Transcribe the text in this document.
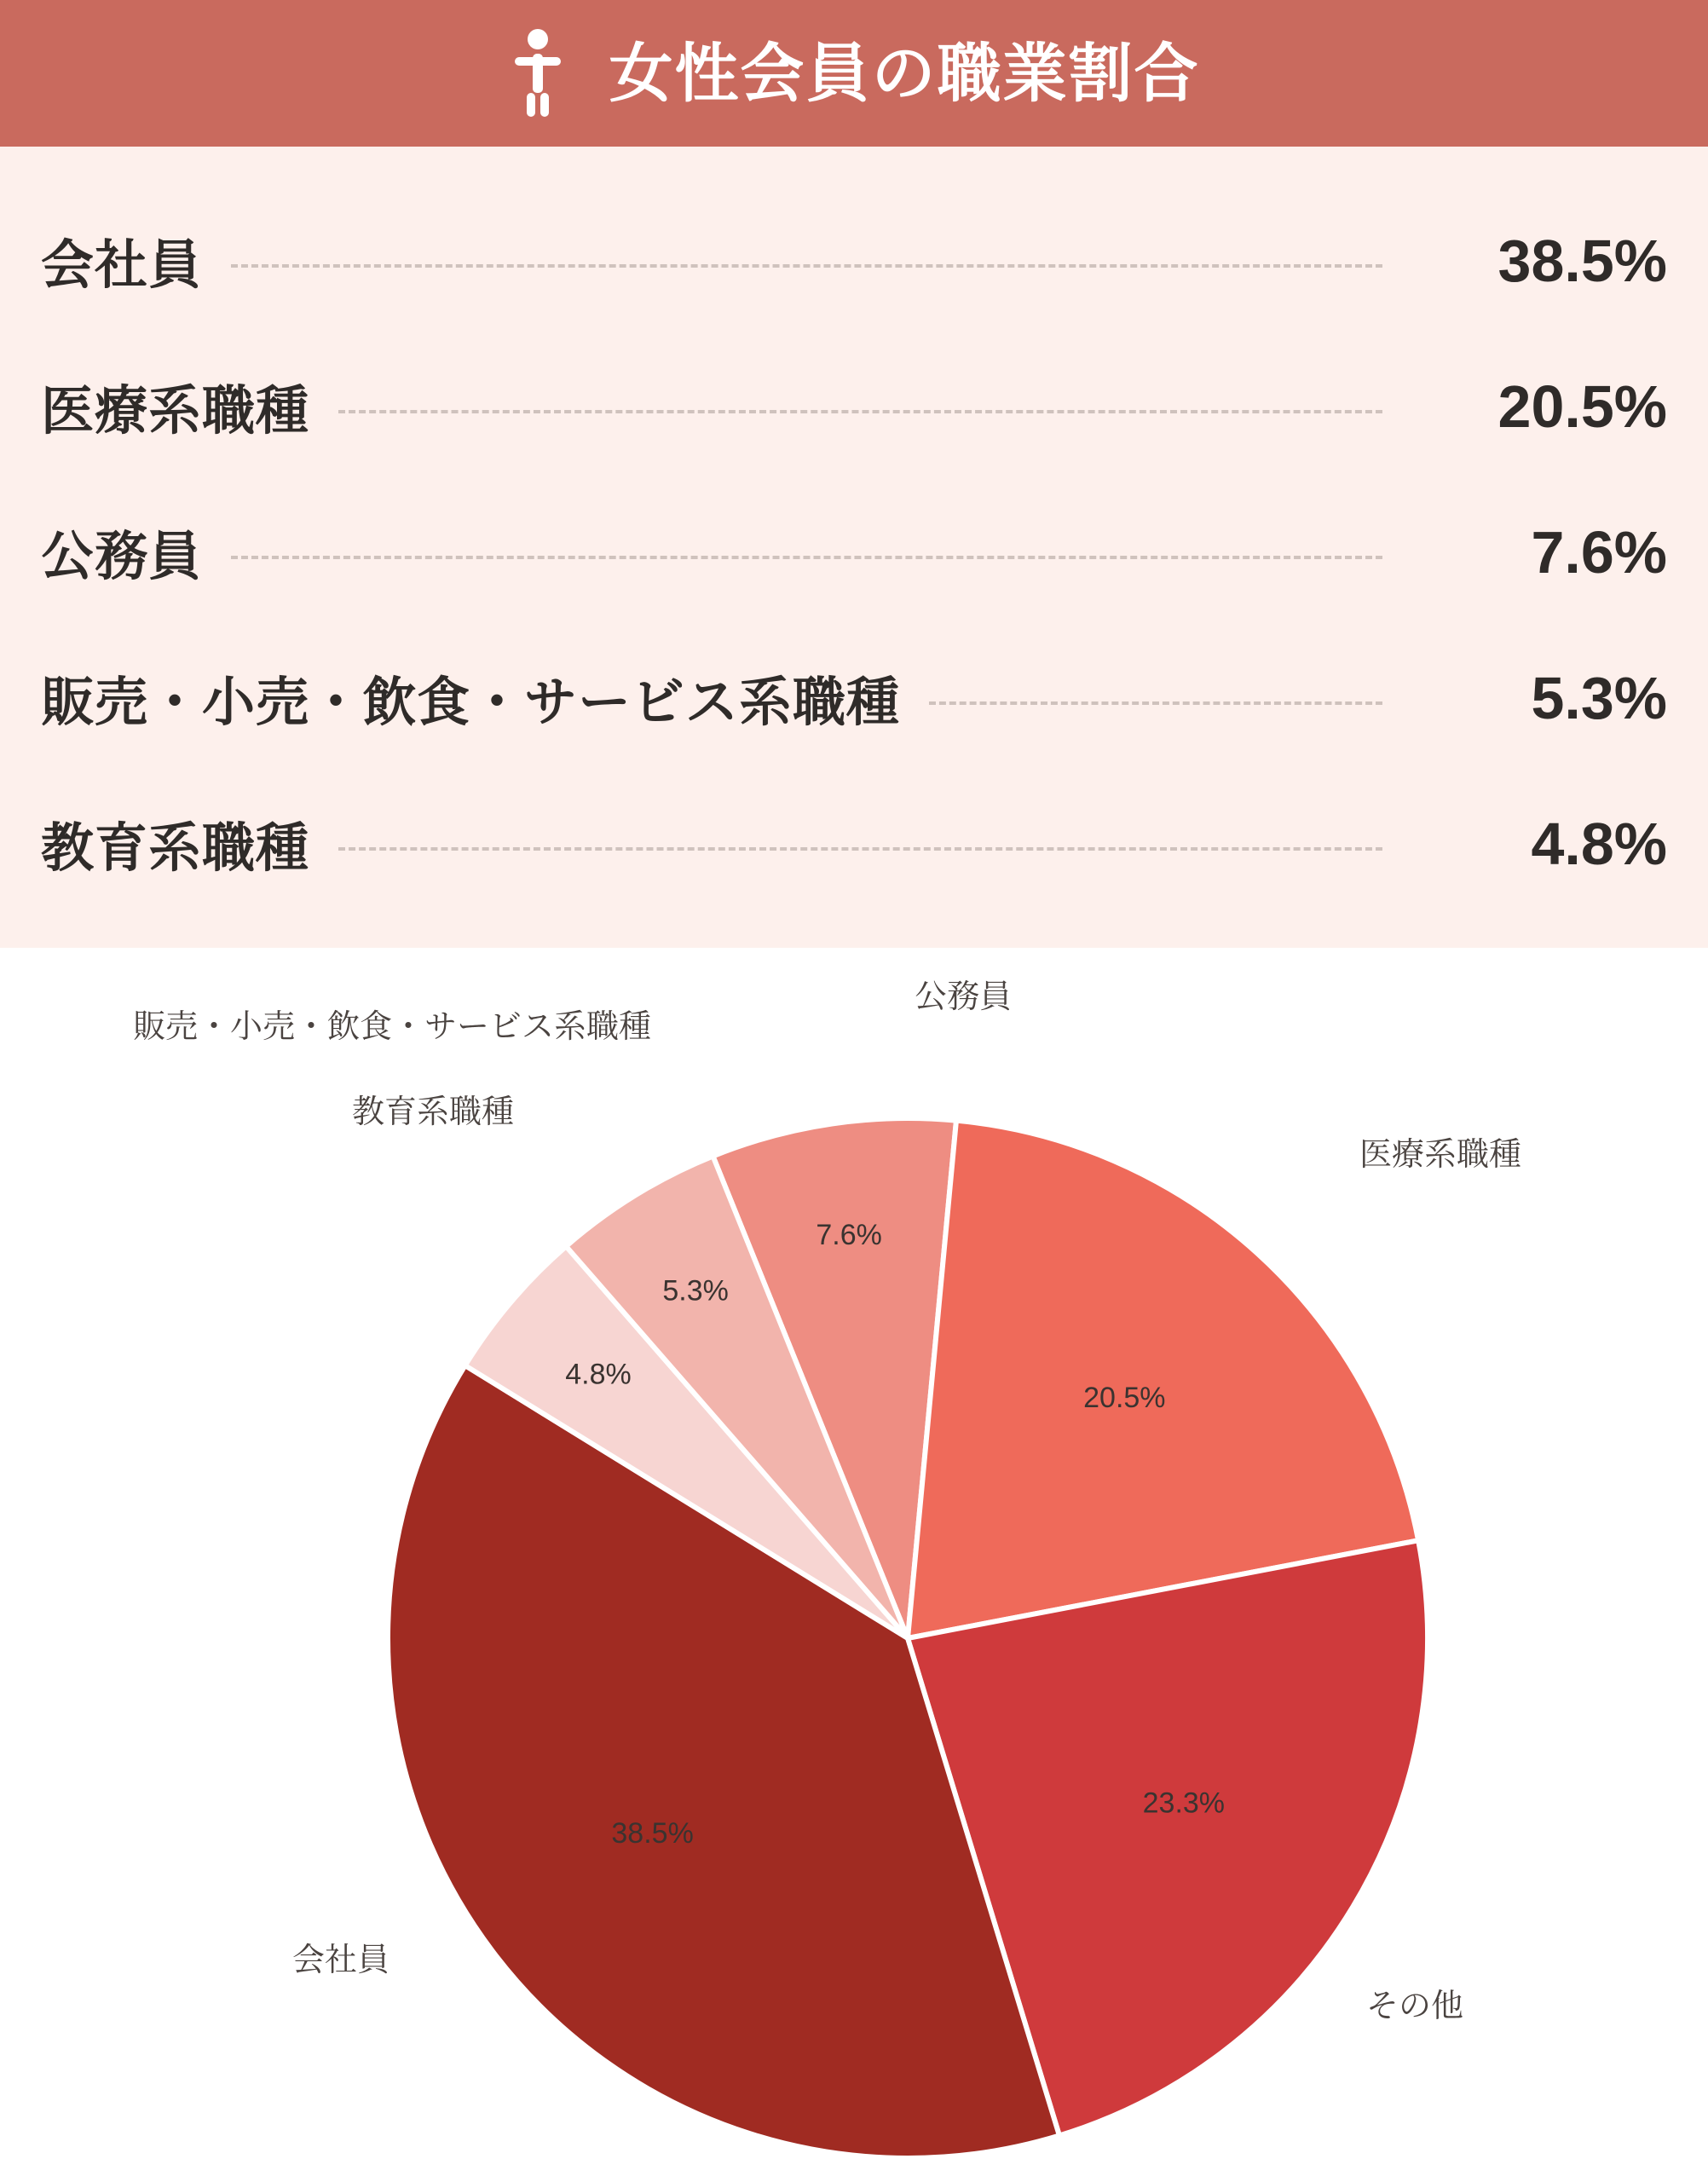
女性会員の職業割合
会社員	38.5%
医療系職種	20.5%
公務員	7.6%
販売・小売・飲食・サービス系職種	5.3%
教育系職種	4.8%
7.6%
20.5%
23.3%
38.5%
4.8%
5.3%
公務員
医療系職種
その他
会社員
教育系職種
販売・小売・飲食・サービス系職種
